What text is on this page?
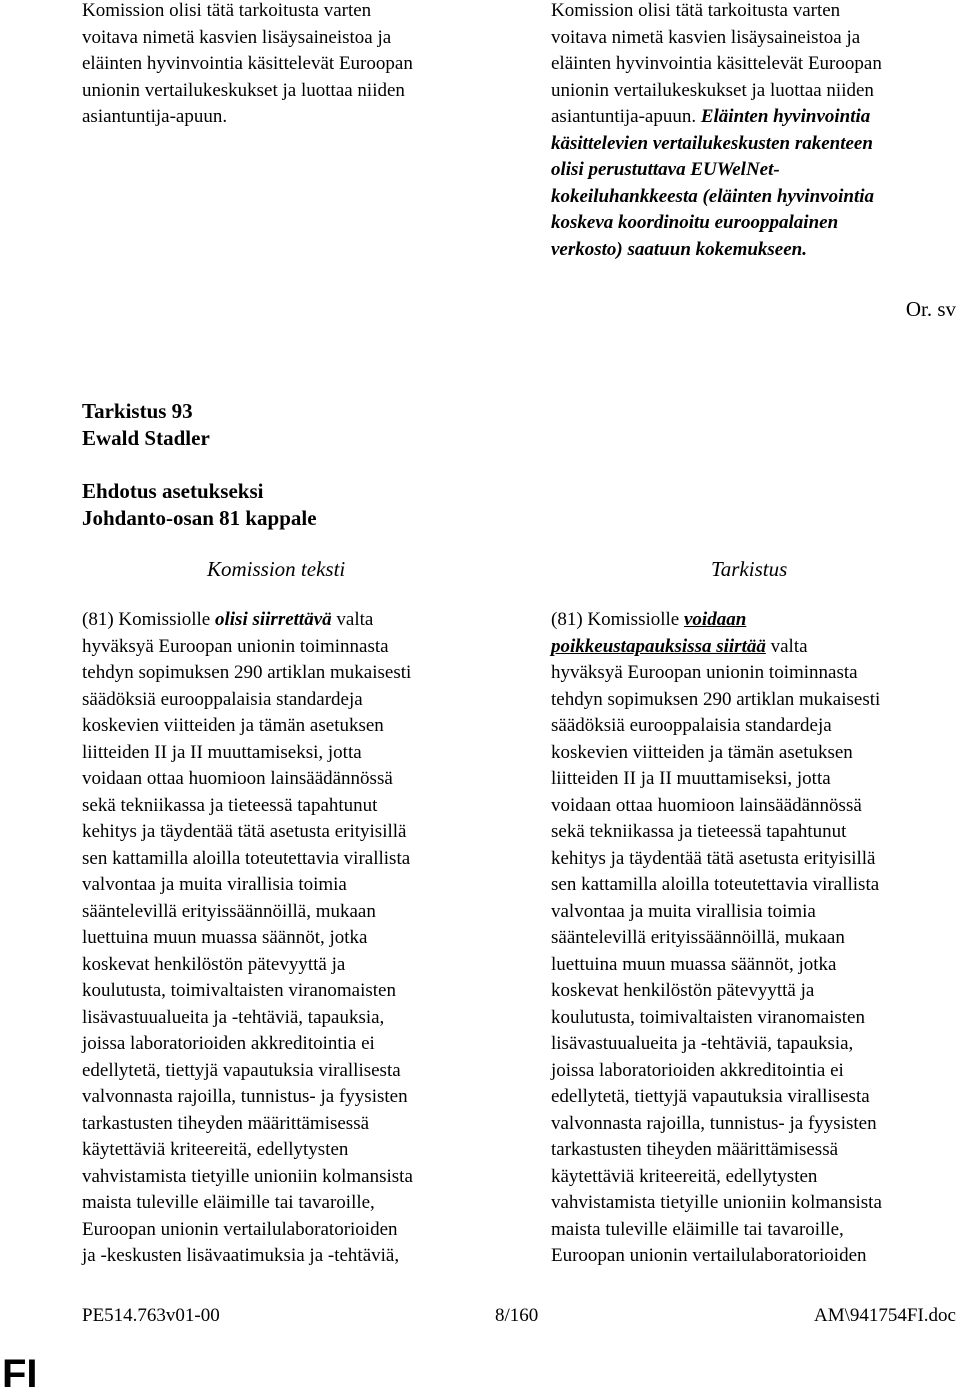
Komission olisi tätä tarkoitusta varten
voitava nimetä kasvien lisäysaineistoa ja
eläinten hyvinvointia käsittelevät Euroopan
unionin vertailukeskukset ja luottaa niiden
asiantuntija-apuun.
Komission olisi tätä tarkoitusta varten
voitava nimetä kasvien lisäysaineistoa ja
eläinten hyvinvointia käsittelevät Euroopan
unionin vertailukeskukset ja luottaa niiden
asiantuntija-apuun. Eläinten hyvinvointia
käsittelevien vertailukeskusten rakenteen
olisi perustuttava EUWelNet-
kokeiluhankkeesta (eläinten hyvinvointia
koskeva koordinoitu eurooppalainen
verkosto) saatuun kokemukseen.
Or. sv
Tarkistus 93
Ewald Stadler
Ehdotus asetukseksi
Johdanto-osan 81 kappale
Komission teksti	Tarkistus
(81) Komissiolle olisi siirrettävä valta
hyväksyä Euroopan unionin toiminnasta
tehdyn sopimuksen 290 artiklan mukaisesti
säädöksiä eurooppalaisia standardeja
koskevien viitteiden ja tämän asetuksen
liitteiden II ja II muuttamiseksi, jotta
voidaan ottaa huomioon lainsäädännössä
sekä tekniikassa ja tieteessä tapahtunut
kehitys ja täydentää tätä asetusta erityisillä
sen kattamilla aloilla toteutettavia virallista
valvontaa ja muita virallisia toimia
sääntelevillä erityissäännöillä, mukaan
luettuina muun muassa säännöt, jotka
koskevat henkilöstön pätevyyttä ja
koulutusta, toimivaltaisten viranomaisten
lisävastuualueita ja -tehtäviä, tapauksia,
joissa laboratorioiden akkreditointia ei
edellytetä, tiettyjä vapautuksia virallisesta
valvonnasta rajoilla, tunnistus- ja fyysisten
tarkastusten tiheyden määrittämisessä
käytettäviä kriteereitä, edellytysten
vahvistamista tietyille unioniin kolmansista
maista tuleville eläimille tai tavaroille,
Euroopan unionin vertailulaboratorioiden
ja -keskusten lisävaatimuksia ja -tehtäviä,
(81) Komissiolle voidaan
poikkeustapauksissa siirtää valta
hyväksyä Euroopan unionin toiminnasta
tehdyn sopimuksen 290 artiklan mukaisesti
säädöksiä eurooppalaisia standardeja
koskevien viitteiden ja tämän asetuksen
liitteiden II ja II muuttamiseksi, jotta
voidaan ottaa huomioon lainsäädännössä
sekä tekniikassa ja tieteessä tapahtunut
kehitys ja täydentää tätä asetusta erityisillä
sen kattamilla aloilla toteutettavia virallista
valvontaa ja muita virallisia toimia
sääntelevillä erityissäännöillä, mukaan
luettuina muun muassa säännöt, jotka
koskevat henkilöstön pätevyyttä ja
koulutusta, toimivaltaisten viranomaisten
lisävastuualueita ja -tehtäviä, tapauksia,
joissa laboratorioiden akkreditointia ei
edellytetä, tiettyjä vapautuksia virallisesta
valvonnasta rajoilla, tunnistus- ja fyysisten
tarkastusten tiheyden määrittämisessä
käytettäviä kriteereitä, edellytysten
vahvistamista tietyille unioniin kolmansista
maista tuleville eläimille tai tavaroille,
Euroopan unionin vertailulaboratorioiden
PE514.763v01-00	8/160	AM\941754FI.doc
FI
